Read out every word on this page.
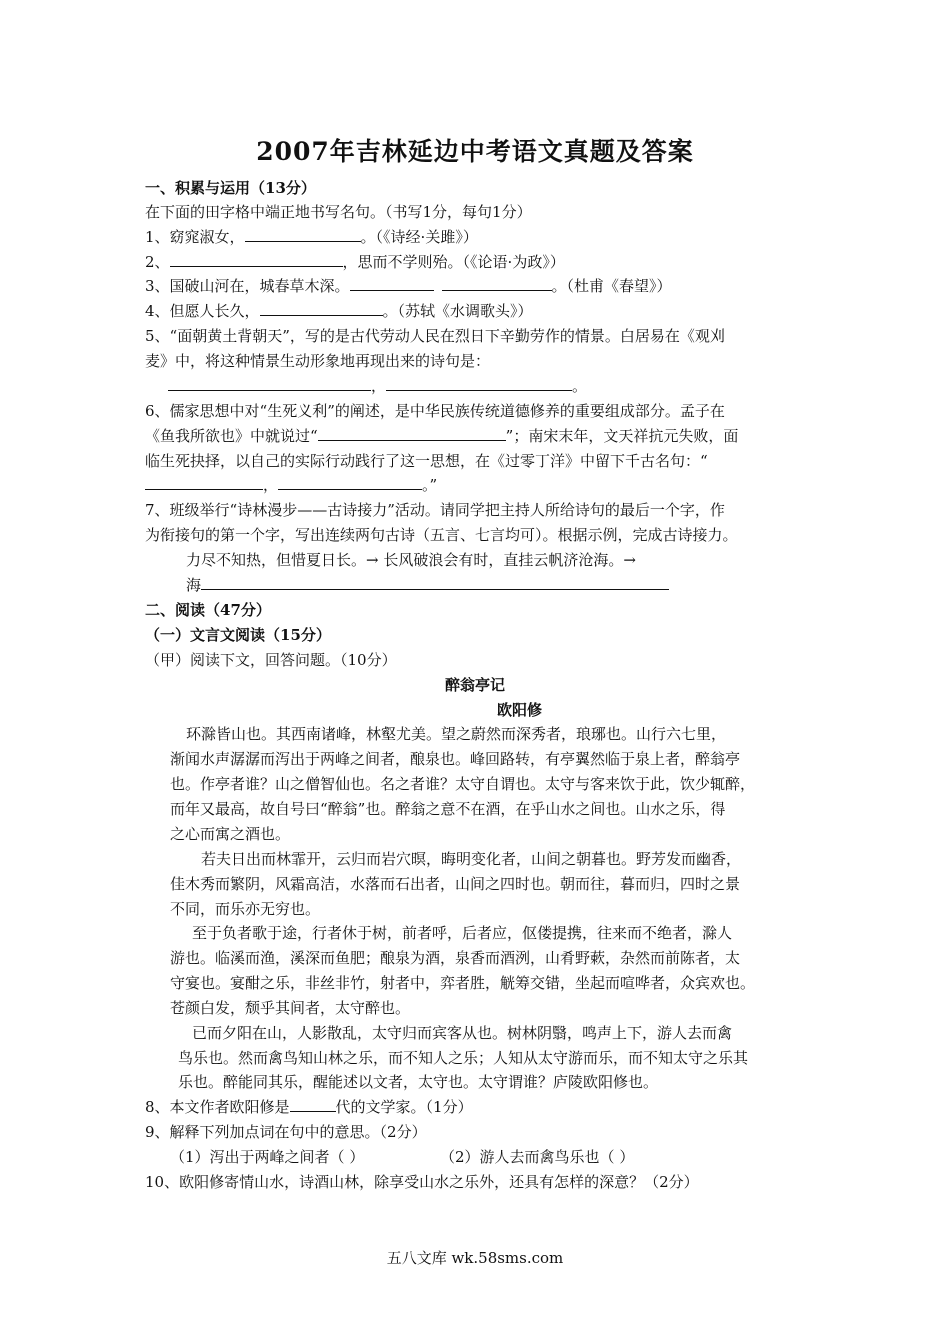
2007年吉林延边中考语文真题及答案
一、积累与运用（13分）
在下面的田字格中端正地书写名句。（书写1分，每句1分）
1、窈窕淑女，	。（《诗经·关雎》）
2、	，思而不学则殆。（《论语·为政》）
3、国破山河在，城春草木深。	。（杜甫《春望》）
4、但愿人长久，	。（苏轼《水调歌头》）
5、“面朝黄土背朝天”，写的是古代劳动人民在烈日下辛勤劳作的情景。白居易在《观刈
麦》中，将这种情景生动形象地再现出来的诗句是：
，	。
6、儒家思想中对“生死义利”的阐述，是中华民族传统道德修养的重要组成部分。孟子在
《鱼我所欲也》中就说过“	”；南宋末年，文天祥抗元失败，面
临生死抉择，以自己的实际行动践行了这一思想，在《过零丁洋》中留下千古名句：“
，	。”
7、班级举行“诗林漫步——古诗接力”活动。请同学把主持人所给诗句的最后一个字，作
为衔接句的第一个字，写出连续两句古诗（五言、七言均可）。根据示例，完成古诗接力。
力尽不知热，但惜夏日长。→ 长风破浪会有时，直挂云帆济沧海。→
海
二、阅读（47分）
（一）文言文阅读（15分）
（甲）阅读下文，回答问题。（10分）
醉翁亭记
欧阳修
环滁皆山也。其西南诸峰，林壑尤美。望之蔚然而深秀者，琅琊也。山行六七里，
渐闻水声潺潺而泻出于两峰之间者，酿泉也。峰回路转，有亭翼然临于泉上者，醉翁亭
也。作亭者谁？山之僧智仙也。名之者谁？太守自谓也。太守与客来饮于此，饮少辄醉，
而年又最高，故自号曰“醉翁”也。醉翁之意不在酒，在乎山水之间也。山水之乐，得
之心而寓之酒也。
若夫日出而林霏开，云归而岩穴暝，晦明变化者，山间之朝暮也。野芳发而幽香，
佳木秀而繁阴，风霜高洁，水落而石出者，山间之四时也。朝而往，暮而归，四时之景
不同，而乐亦无穷也。
至于负者歌于途，行者休于树，前者呼，后者应，伛偻提携，往来而不绝者，滁人
游也。临溪而渔，溪深而鱼肥；酿泉为酒，泉香而酒洌，山肴野蔌，杂然而前陈者，太
守宴也。宴酣之乐，非丝非竹，射者中，弈者胜，觥筹交错，坐起而喧哗者，众宾欢也。
苍颜白发，颓乎其间者，太守醉也。
已而夕阳在山，人影散乱，太守归而宾客从也。树林阴翳，鸣声上下，游人去而禽
鸟乐也。然而禽鸟知山林之乐，而不知人之乐；人知从太守游而乐，而不知太守之乐其
乐也。醉能同其乐，醒能述以文者，太守也。太守谓谁？庐陵欧阳修也。
8、本文作者欧阳修是	代的文学家。（1分）
9、解释下列加点词在句中的意思。（2分）
（1）泻出于两峰之间者（ ）	（2）游人去而禽鸟乐也（ ）
10、欧阳修寄情山水，诗酒山林，除享受山水之乐外，还具有怎样的深意？（2分）
五八文库 wk.58sms.com
